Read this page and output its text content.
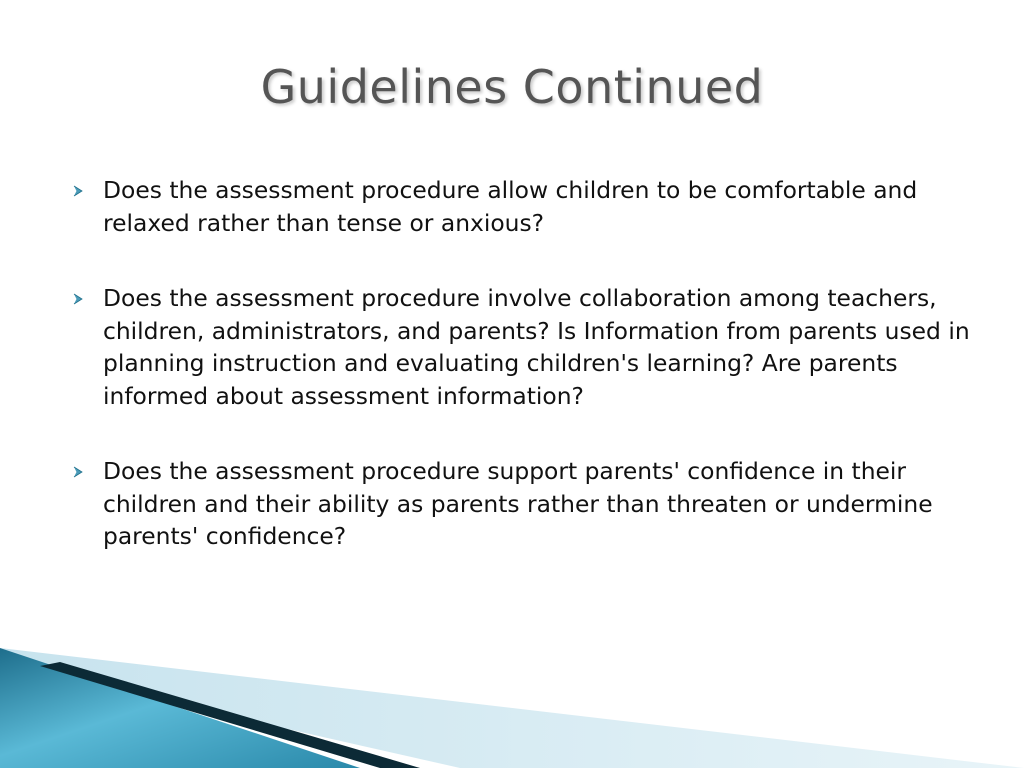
Guidelines Continued
Does the assessment procedure allow children to be comfortable and relaxed rather than tense or anxious?
Does the assessment procedure involve collaboration among teachers, children, administrators, and parents? Is Information from parents used in planning instruction and evaluating children's learning? Are parents informed about assessment information?
Does the assessment procedure support parents' confidence in their children and their ability as parents rather than threaten or undermine parents' confidence?
